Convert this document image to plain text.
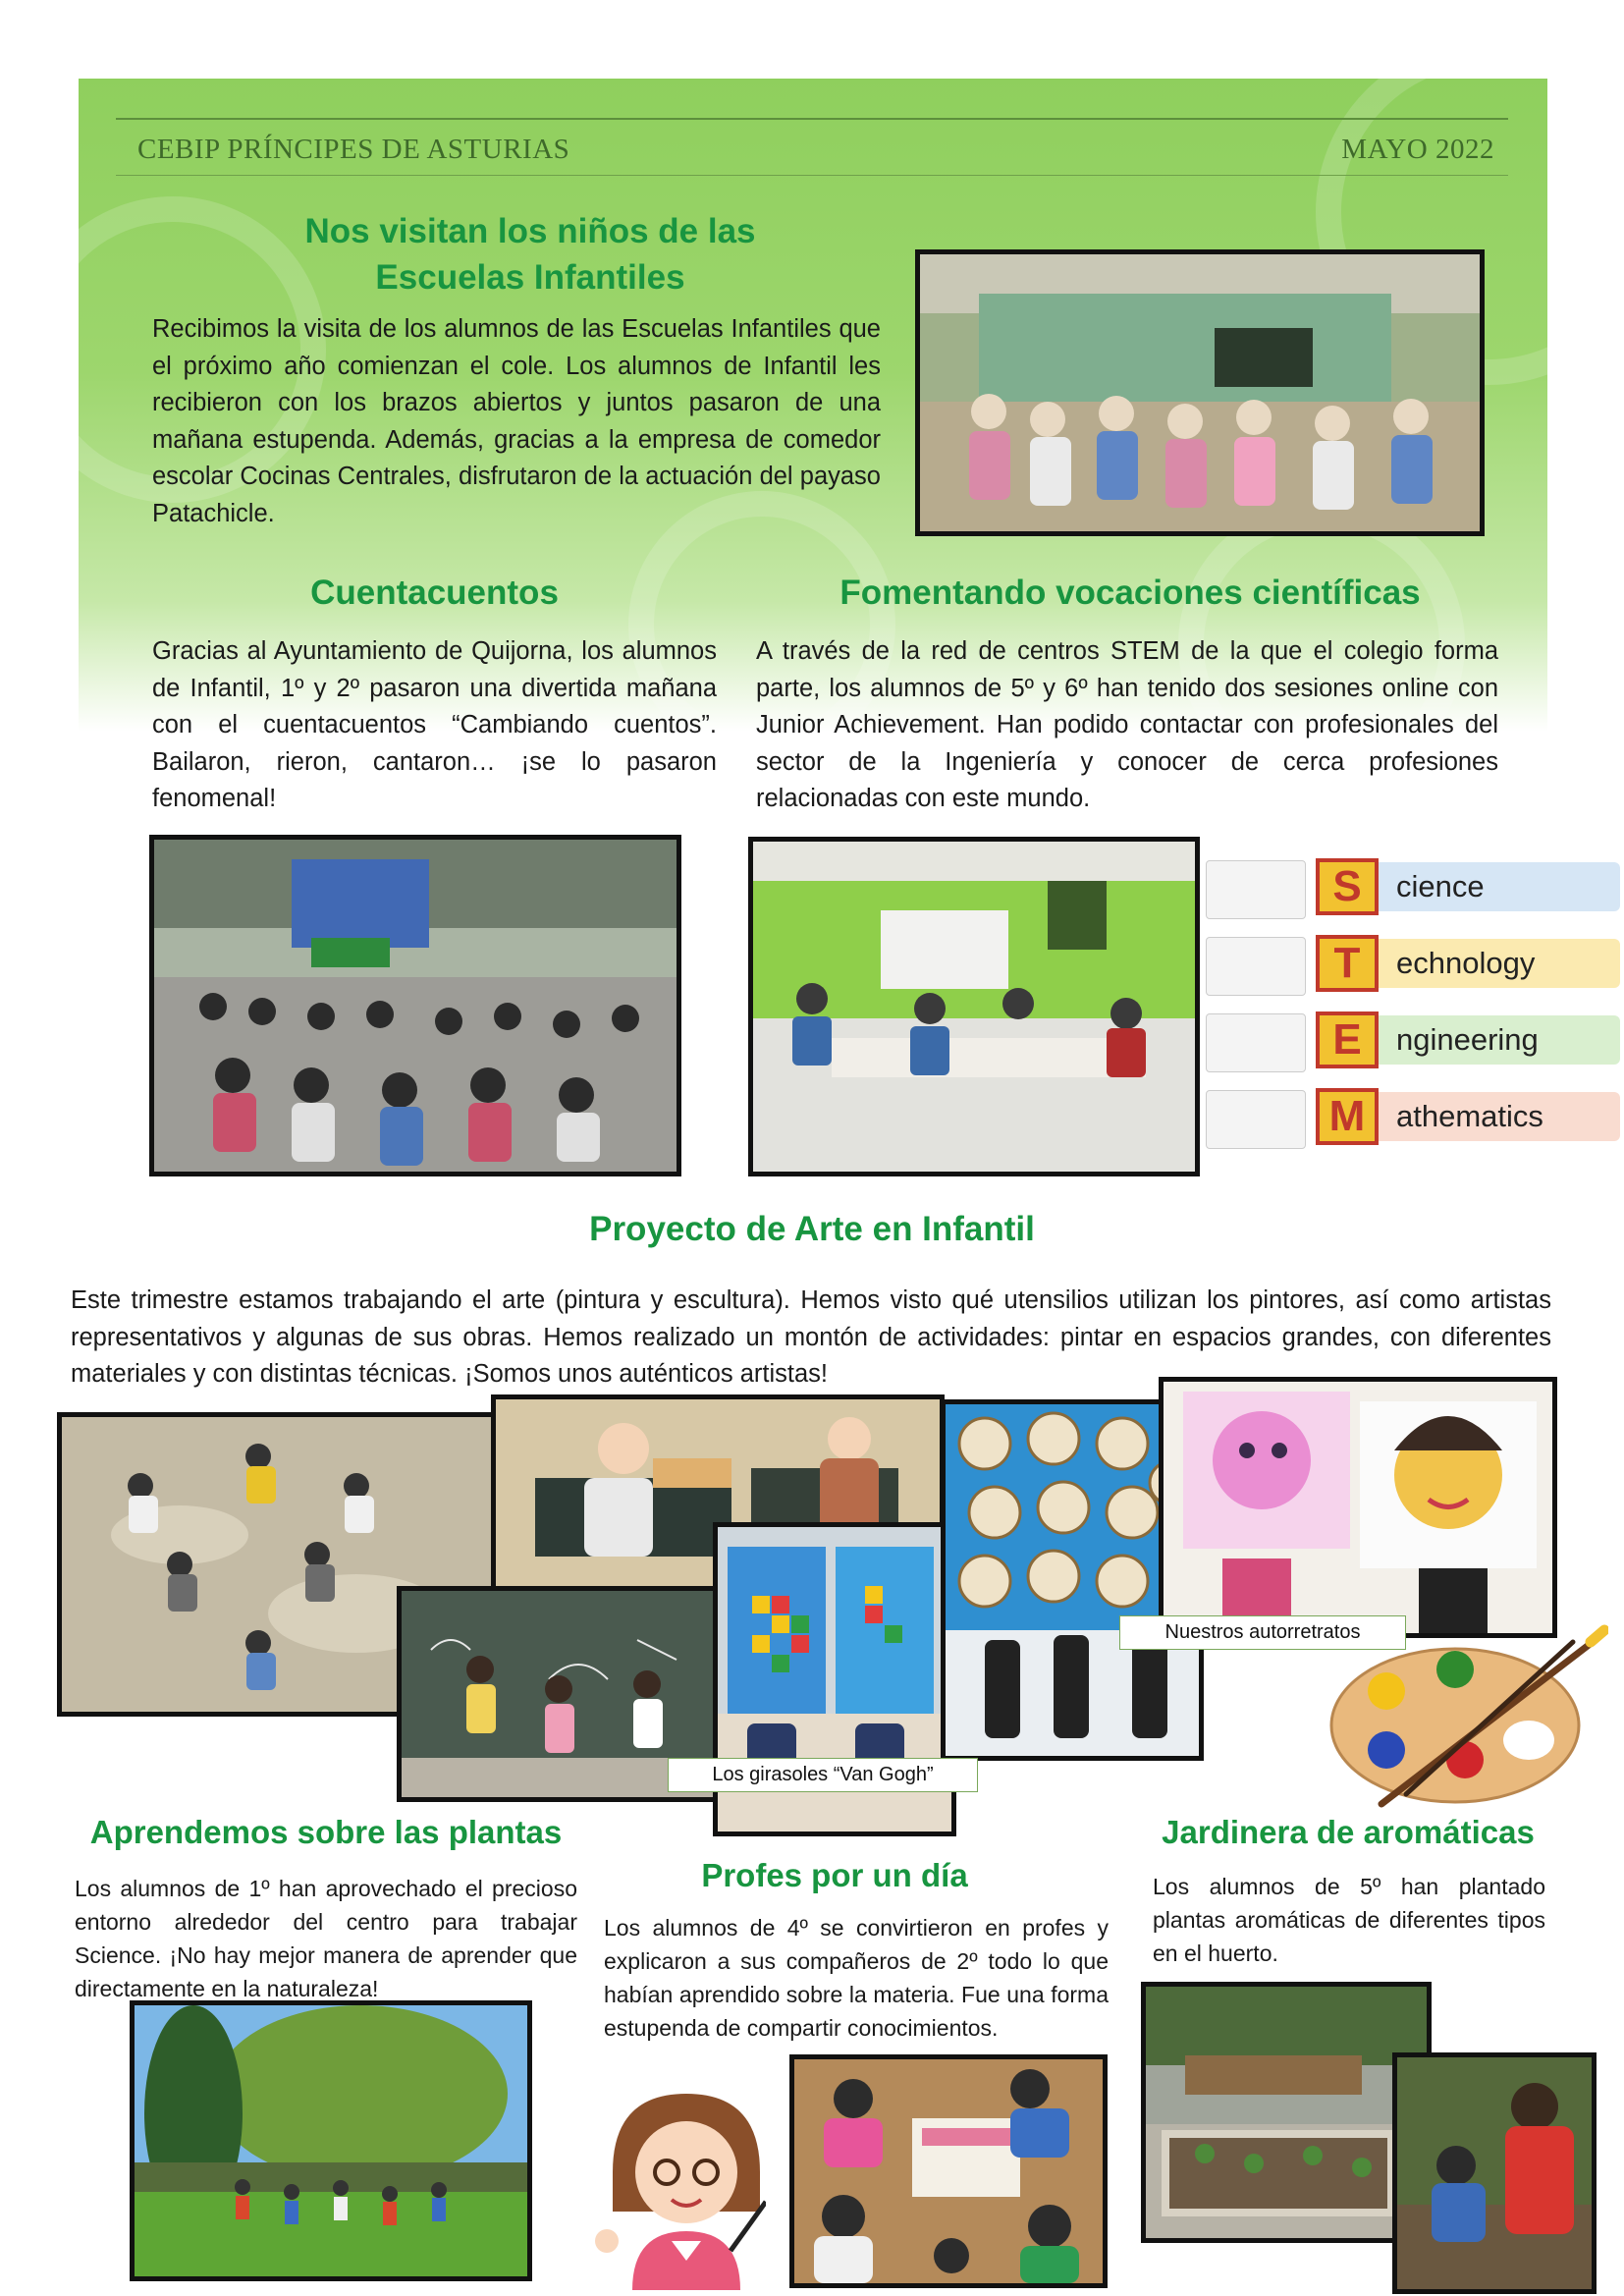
CEBIP PRÍNCIPES DE ASTURIAS	MAYO 2022
Nos visitan los niños de las
Escuelas Infantiles
Recibimos la visita de los alumnos de las Escuelas Infantiles que el próximo año comienzan el cole. Los alumnos de Infantil les recibieron con los brazos abiertos y juntos pasaron de una mañana estupenda. Además, gracias a la empresa de comedor escolar Cocinas Centrales, disfrutaron de la actuación del payaso Patachicle.
Cuentacuentos
Gracias al Ayuntamiento de Quijorna, los alumnos de Infantil, 1º y 2º pasaron una divertida mañana con el cuentacuentos “Cambiando cuentos”. Bailaron, rieron, cantaron… ¡se lo pasaron fenomenal!
Fomentando vocaciones científicas
A través de la red de centros STEM de la que el colegio forma parte, los alumnos de 5º y 6º han tenido dos sesiones online con Junior Achievement. Han podido contactar con profesionales del sector de la Ingeniería y conocer de cerca profesiones relacionadas con este mundo.
cience
S
echnology
T
ngineering
E
athematics
M
Proyecto de Arte en Infantil
Este trimestre estamos trabajando el arte (pintura y escultura). Hemos visto qué utensilios utilizan los pintores, así como artistas representativos y algunas de sus obras. Hemos realizado un montón de actividades: pintar en espacios grandes, con diferentes materiales y con distintas técnicas. ¡Somos unos auténticos artistas!
Nuestros autorretratos
Los girasoles “Van Gogh”
Aprendemos sobre las plantas
Los alumnos de 1º han aprovechado el precioso entorno alrededor del centro para trabajar Science. ¡No hay mejor manera de aprender que directamente en la naturaleza!
Profes por un día
Los alumnos de 4º se convirtieron en profes y explicaron a sus compañeros de 2º todo lo que habían aprendido sobre la materia. Fue una forma estupenda de compartir conocimientos.
Jardinera de aromáticas
Los alumnos de 5º han plantado plantas aromáticas de diferentes tipos en el huerto.
